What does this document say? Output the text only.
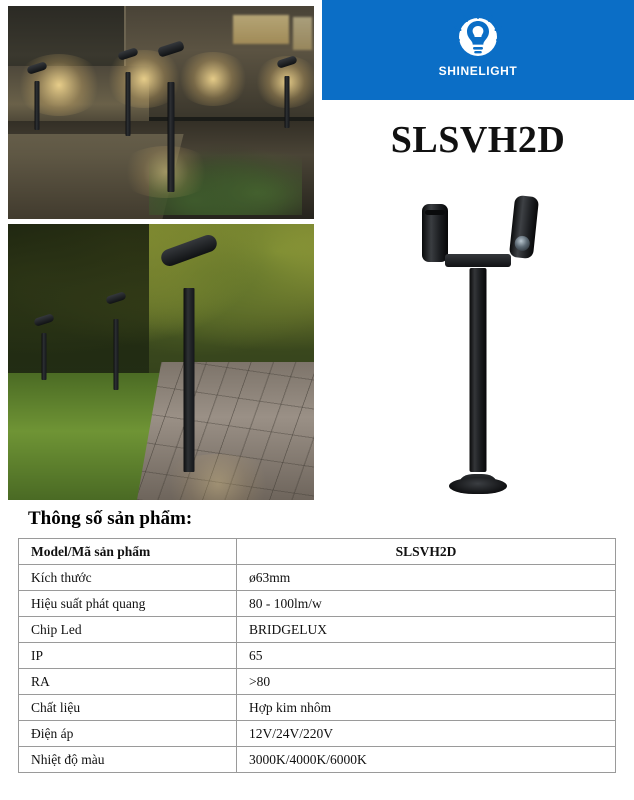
SHINELIGHT
SLSVH2D
Thông số sản phẩm:
Model/Mã sản phẩm	SLSVH2D
Kích thước	ø63mm
Hiệu suất phát quang	80 - 100lm/w
Chip Led	BRIDGELUX
IP	65
RA	>80
Chất liệu	Hợp kim nhôm
Điện áp	12V/24V/220V
Nhiệt độ màu	3000K/4000K/6000K
